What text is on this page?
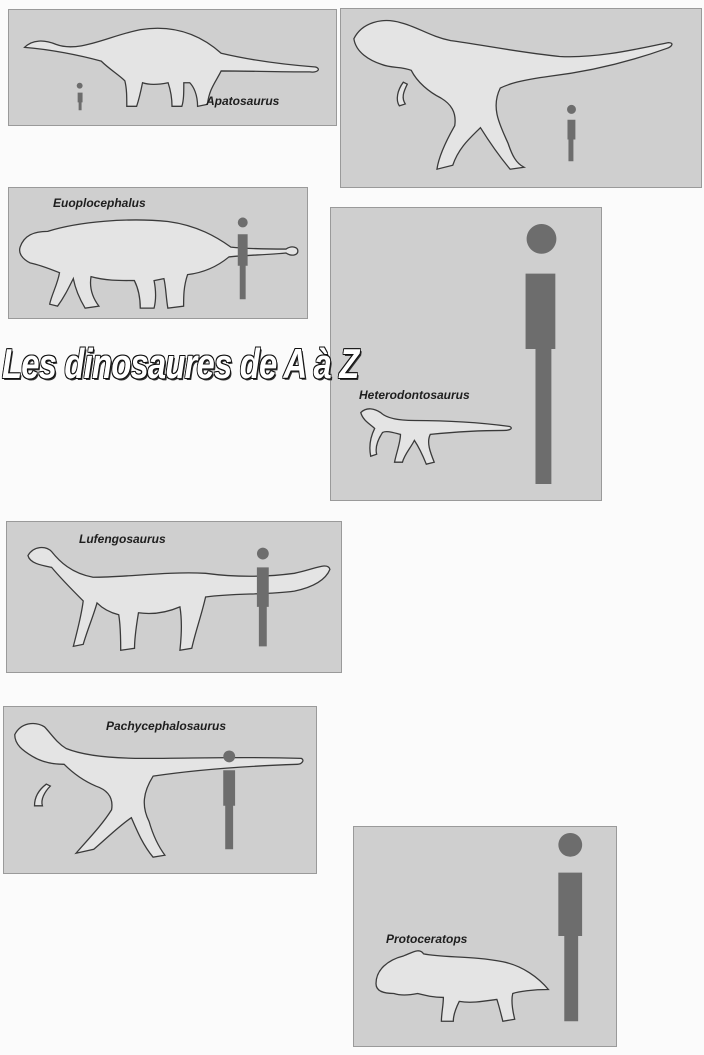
Apatosaurus
Euoplocephalus
Heterodontosaurus
Les dinosaures de A à Z
Lufengosaurus
Pachycephalosaurus
Protoceratops
